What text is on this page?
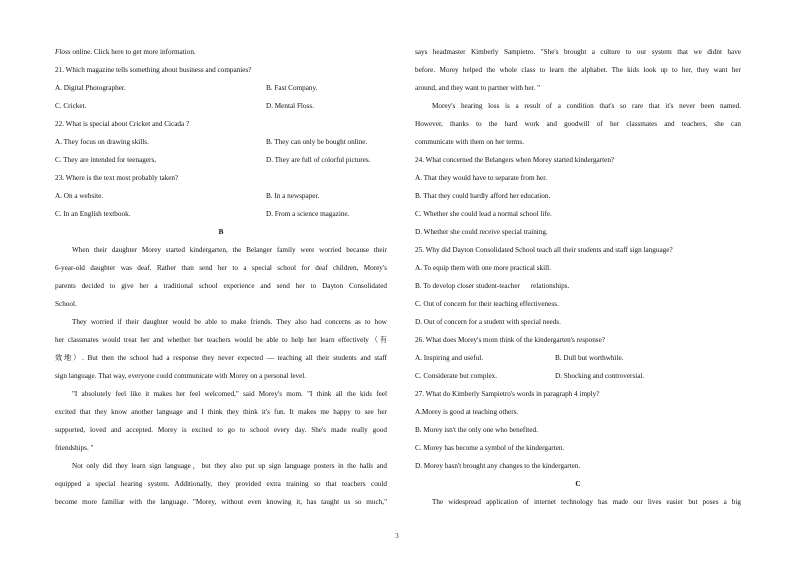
Floss online. Click here to get more information.
21. Which magazine tells something about business and companies?
A. Digital Photographer.	B. Fast Company.
C. Cricket.	D. Mental Floss.
22. What is special about Cricket and Cicada ?
A. They focus on drawing skills.	B. They can only be bought online.
C. They are intended for teenagers,	D. They are full of colorful pictures.
23. Where is the text most probably taken?
A. On a website.	B. In a newspaper.
C. In an English textbook.	D. From a science magazine.
B
When their daughter Morey started kindergarten, the Belanger family were worried because their
6-year-old daughter was deaf. Rather than send her to a special school for deaf children, Morey's
parents decided to give her a traditional school experience and send her to Dayton Consolidated
School.
They worried if their daughter would be able to make friends. They also had concerns as to how
her classmates would treat her and whether her teachers would be able to help her learn effectively（有
效地）. But then the school had a response they never expected — teaching all their students and staff
sign language. That way, everyone could communicate with Morey on a personal level.
"I absolutely feel like it makes her feel welcomed," said Morey's mom. "I think all the kids feel
excited that they know another language and I think they think it's fun. It makes me happy to see her
supported, loved and accepted. Morey is excited to go to school every day. She's made really good
friendships. "
Not only did they learn sign language，but they also put up sign language posters in the halls and
equipped a special hearing system. Additionally, they provided extra training so that teachers could
become more familiar with the language. "Morey, without even knowing it, has taught us so much,"
says headmaster Kimberly Sampietro. "She's brought a culture to our system that we didnt have
before. Morey helped the whole class to learn the alphabet. The kids look up to her, they want her
around, and they want to partner with her. "
Morey's hearing loss is a result of a condition that's so rare that it's never been named.
However, thanks to the hard work and goodwill of her classmates and teachers, she can
communicate with them on her terms.
24. What concerned the Belangers when Morey started kindergarten?
A. That they would have to separate from her.
B. That they could hardly afford her education.
C. Whether she could lead a normal school life.
D. Whether she could receive special training.
25. Why did Dayton Consolidated School teach all their students and staff sign language?
A. To equip them with one more practical skill.
B. To develop closer student-teacher      relationships.
C. Out of concern for their teaching effectiveness.
D. Out of concern for a student with special needs.
26. What does Morey's mom think of the kindergarten's response?
A. Inspiring and useful.	B. Dull but worthwhile.
C. Considerate but complex.	D. Shocking and controversial.
27. What do Kimberly Sampietro's words in paragraph 4 imply?
A.Morey is good at teaching others.
B. Morey isn't the only one who benefited.
C. Morey has become a symbol of the kindergarten.
D. Morey hasn't brought any changes to the kindergarten.
C
The widespread application of internet technology has made our lives easier but poses a big
3
